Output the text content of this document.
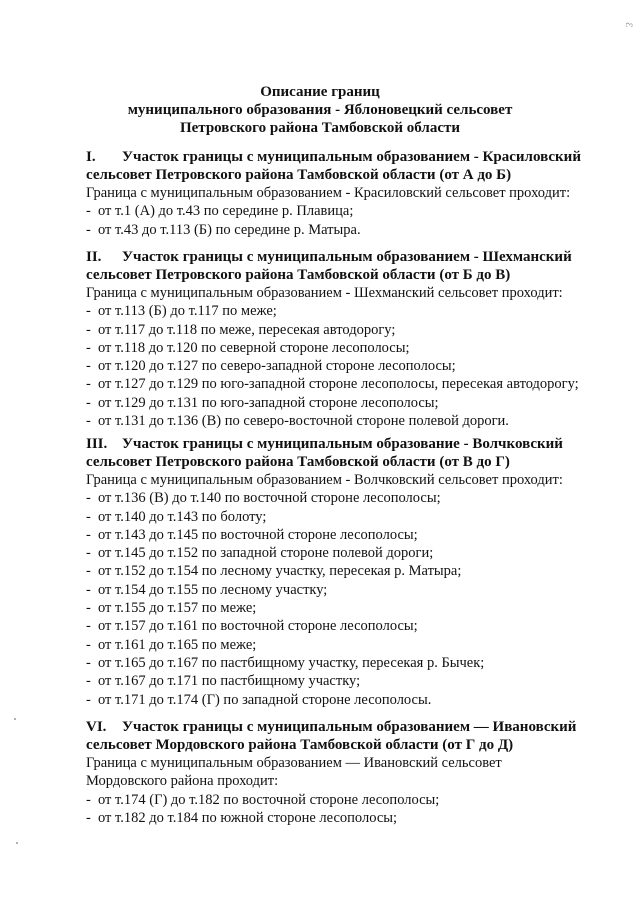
ℰ
Описание границ
муниципального образования - Яблоновецкий сельсовет
Петровского района Тамбовской области
I. Участок границы с муниципальным образованием - Красиловский
сельсовет Петровского района Тамбовской области (от А до Б)
Граница с муниципальным образованием - Красиловский сельсовет проходит:
- от т.1 (А) до т.43 по середине р. Плавица;
- от т.43 до т.113 (Б) по середине р. Матыра.
II. Участок границы с муниципальным образованием - Шехманский
сельсовет Петровского района Тамбовской области (от Б до В)
Граница с муниципальным образованием - Шехманский сельсовет проходит:
- от т.113 (Б) до т.117 по меже;
- от т.117 до т.118 по меже, пересекая автодорогу;
- от т.118 до т.120 по северной стороне лесополосы;
- от т.120 до т.127 по северо-западной стороне лесополосы;
- от т.127 до т.129 по юго-западной стороне лесополосы, пересекая автодорогу;
- от т.129 до т.131 по юго-западной стороне лесополосы;
- от т.131 до т.136 (В) по северо-восточной стороне полевой дороги.
III. Участок границы с муниципальным образование - Волчковский
сельсовет Петровского района Тамбовской области (от В до Г)
Граница с муниципальным образованием - Волчковский сельсовет проходит:
- от т.136 (В) до т.140 по восточной стороне лесополосы;
- от т.140 до т.143 по болоту;
- от т.143 до т.145 по восточной стороне лесополосы;
- от т.145 до т.152 по западной стороне полевой дороги;
- от т.152 до т.154 по лесному участку, пересекая р. Матыра;
- от т.154 до т.155 по лесному участку;
- от т.155 до т.157 по меже;
- от т.157 до т.161 по восточной стороне лесополосы;
- от т.161 до т.165 по меже;
- от т.165 до т.167 по пастбищному участку, пересекая р. Бычек;
- от т.167 до т.171 по пастбищному участку;
- от т.171 до т.174 (Г) по западной стороне лесополосы.
VI. Участок границы с муниципальным образованием — Ивановский
сельсовет Мордовского района Тамбовской области (от Г до Д)
Граница с муниципальным образованием — Ивановский сельсовет
Мордовского района проходит:
- от т.174 (Г) до т.182 по восточной стороне лесополосы;
- от т.182 до т.184 по южной стороне лесополосы;
